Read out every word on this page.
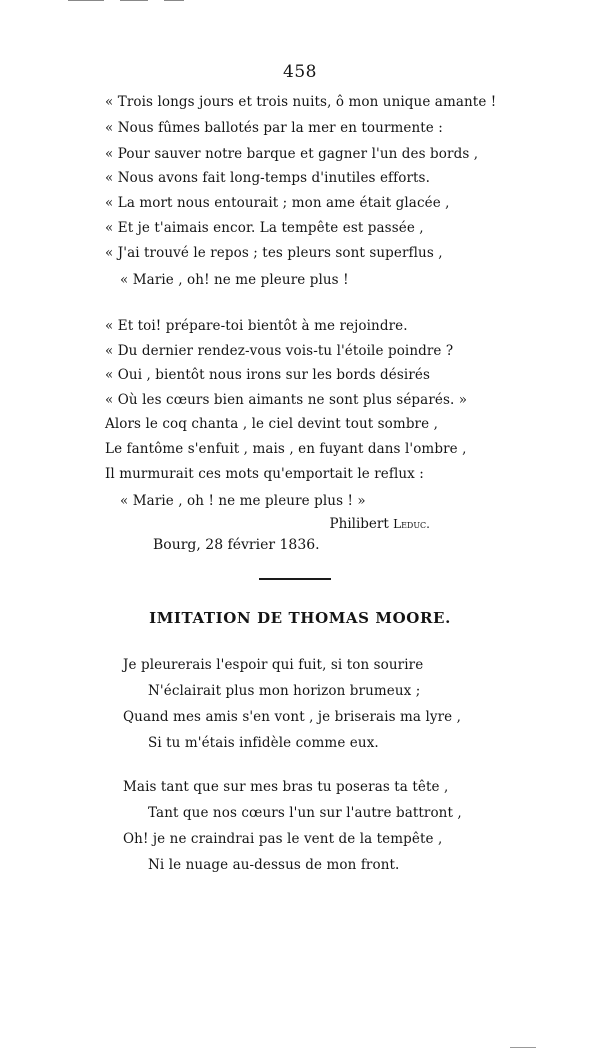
458
« Trois longs jours et trois nuits, ô mon unique amante !
« Nous fûmes ballotés par la mer en tourmente :
« Pour sauver notre barque et gagner l'un des bords ,
« Nous avons fait long-temps d'inutiles efforts.
« La mort nous entourait ; mon ame était glacée ,
« Et je t'aimais encor. La tempête est passée ,
« J'ai trouvé le repos ; tes pleurs sont superflus ,
« Marie , oh! ne me pleure plus !
« Et toi! prépare-toi bientôt à me rejoindre.
« Du dernier rendez-vous vois-tu l'étoile poindre ?
« Oui , bientôt nous irons sur les bords désirés
« Où les cœurs bien aimants ne sont plus séparés. »
Alors le coq chanta , le ciel devint tout sombre ,
Le fantôme s'enfuit , mais , en fuyant dans l'ombre ,
Il murmurait ces mots qu'emportait le reflux :
« Marie , oh ! ne me pleure plus ! »
Philibert Leduc.
Bourg, 28 février 1836.
IMITATION DE THOMAS MOORE.
Je pleurerais l'espoir qui fuit, si ton sourire
N'éclairait plus mon horizon brumeux ;
Quand mes amis s'en vont , je briserais ma lyre ,
Si tu m'étais infidèle comme eux.
Mais tant que sur mes bras tu poseras ta tête ,
Tant que nos cœurs l'un sur l'autre battront ,
Oh! je ne craindrai pas le vent de la tempête ,
Ni le nuage au-dessus de mon front.
